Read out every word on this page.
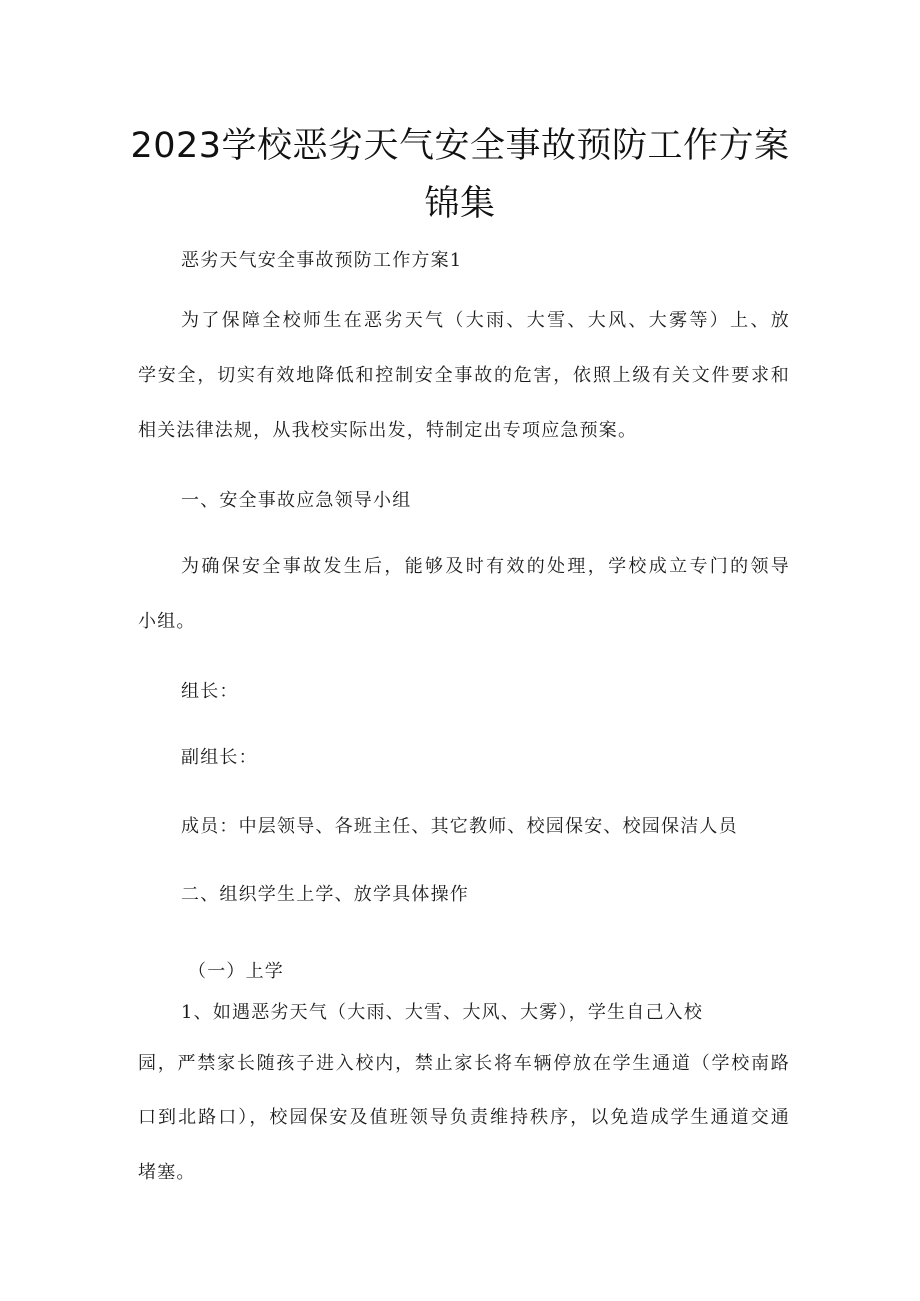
2023学校恶劣天气安全事故预防工作方案
锦集
恶劣天气安全事故预防工作方案1
为了保障全校师生在恶劣天气（大雨、大雪、大风、大雾等）上、放
学安全，切实有效地降低和控制安全事故的危害，依照上级有关文件要求和
相关法律法规，从我校实际出发，特制定出专项应急预案。
一、安全事故应急领导小组
为确保安全事故发生后，能够及时有效的处理，学校成立专门的领导
小组。
组长：
副组长：
成员：中层领导、各班主任、其它教师、校园保安、校园保洁人员
二、组织学生上学、放学具体操作
（一）上学
1、如遇恶劣天气（大雨、大雪、大风、大雾），学生自己入校
园，严禁家长随孩子进入校内，禁止家长将车辆停放在学生通道（学校南路
口到北路口），校园保安及值班领导负责维持秩序，以免造成学生通道交通
堵塞。
